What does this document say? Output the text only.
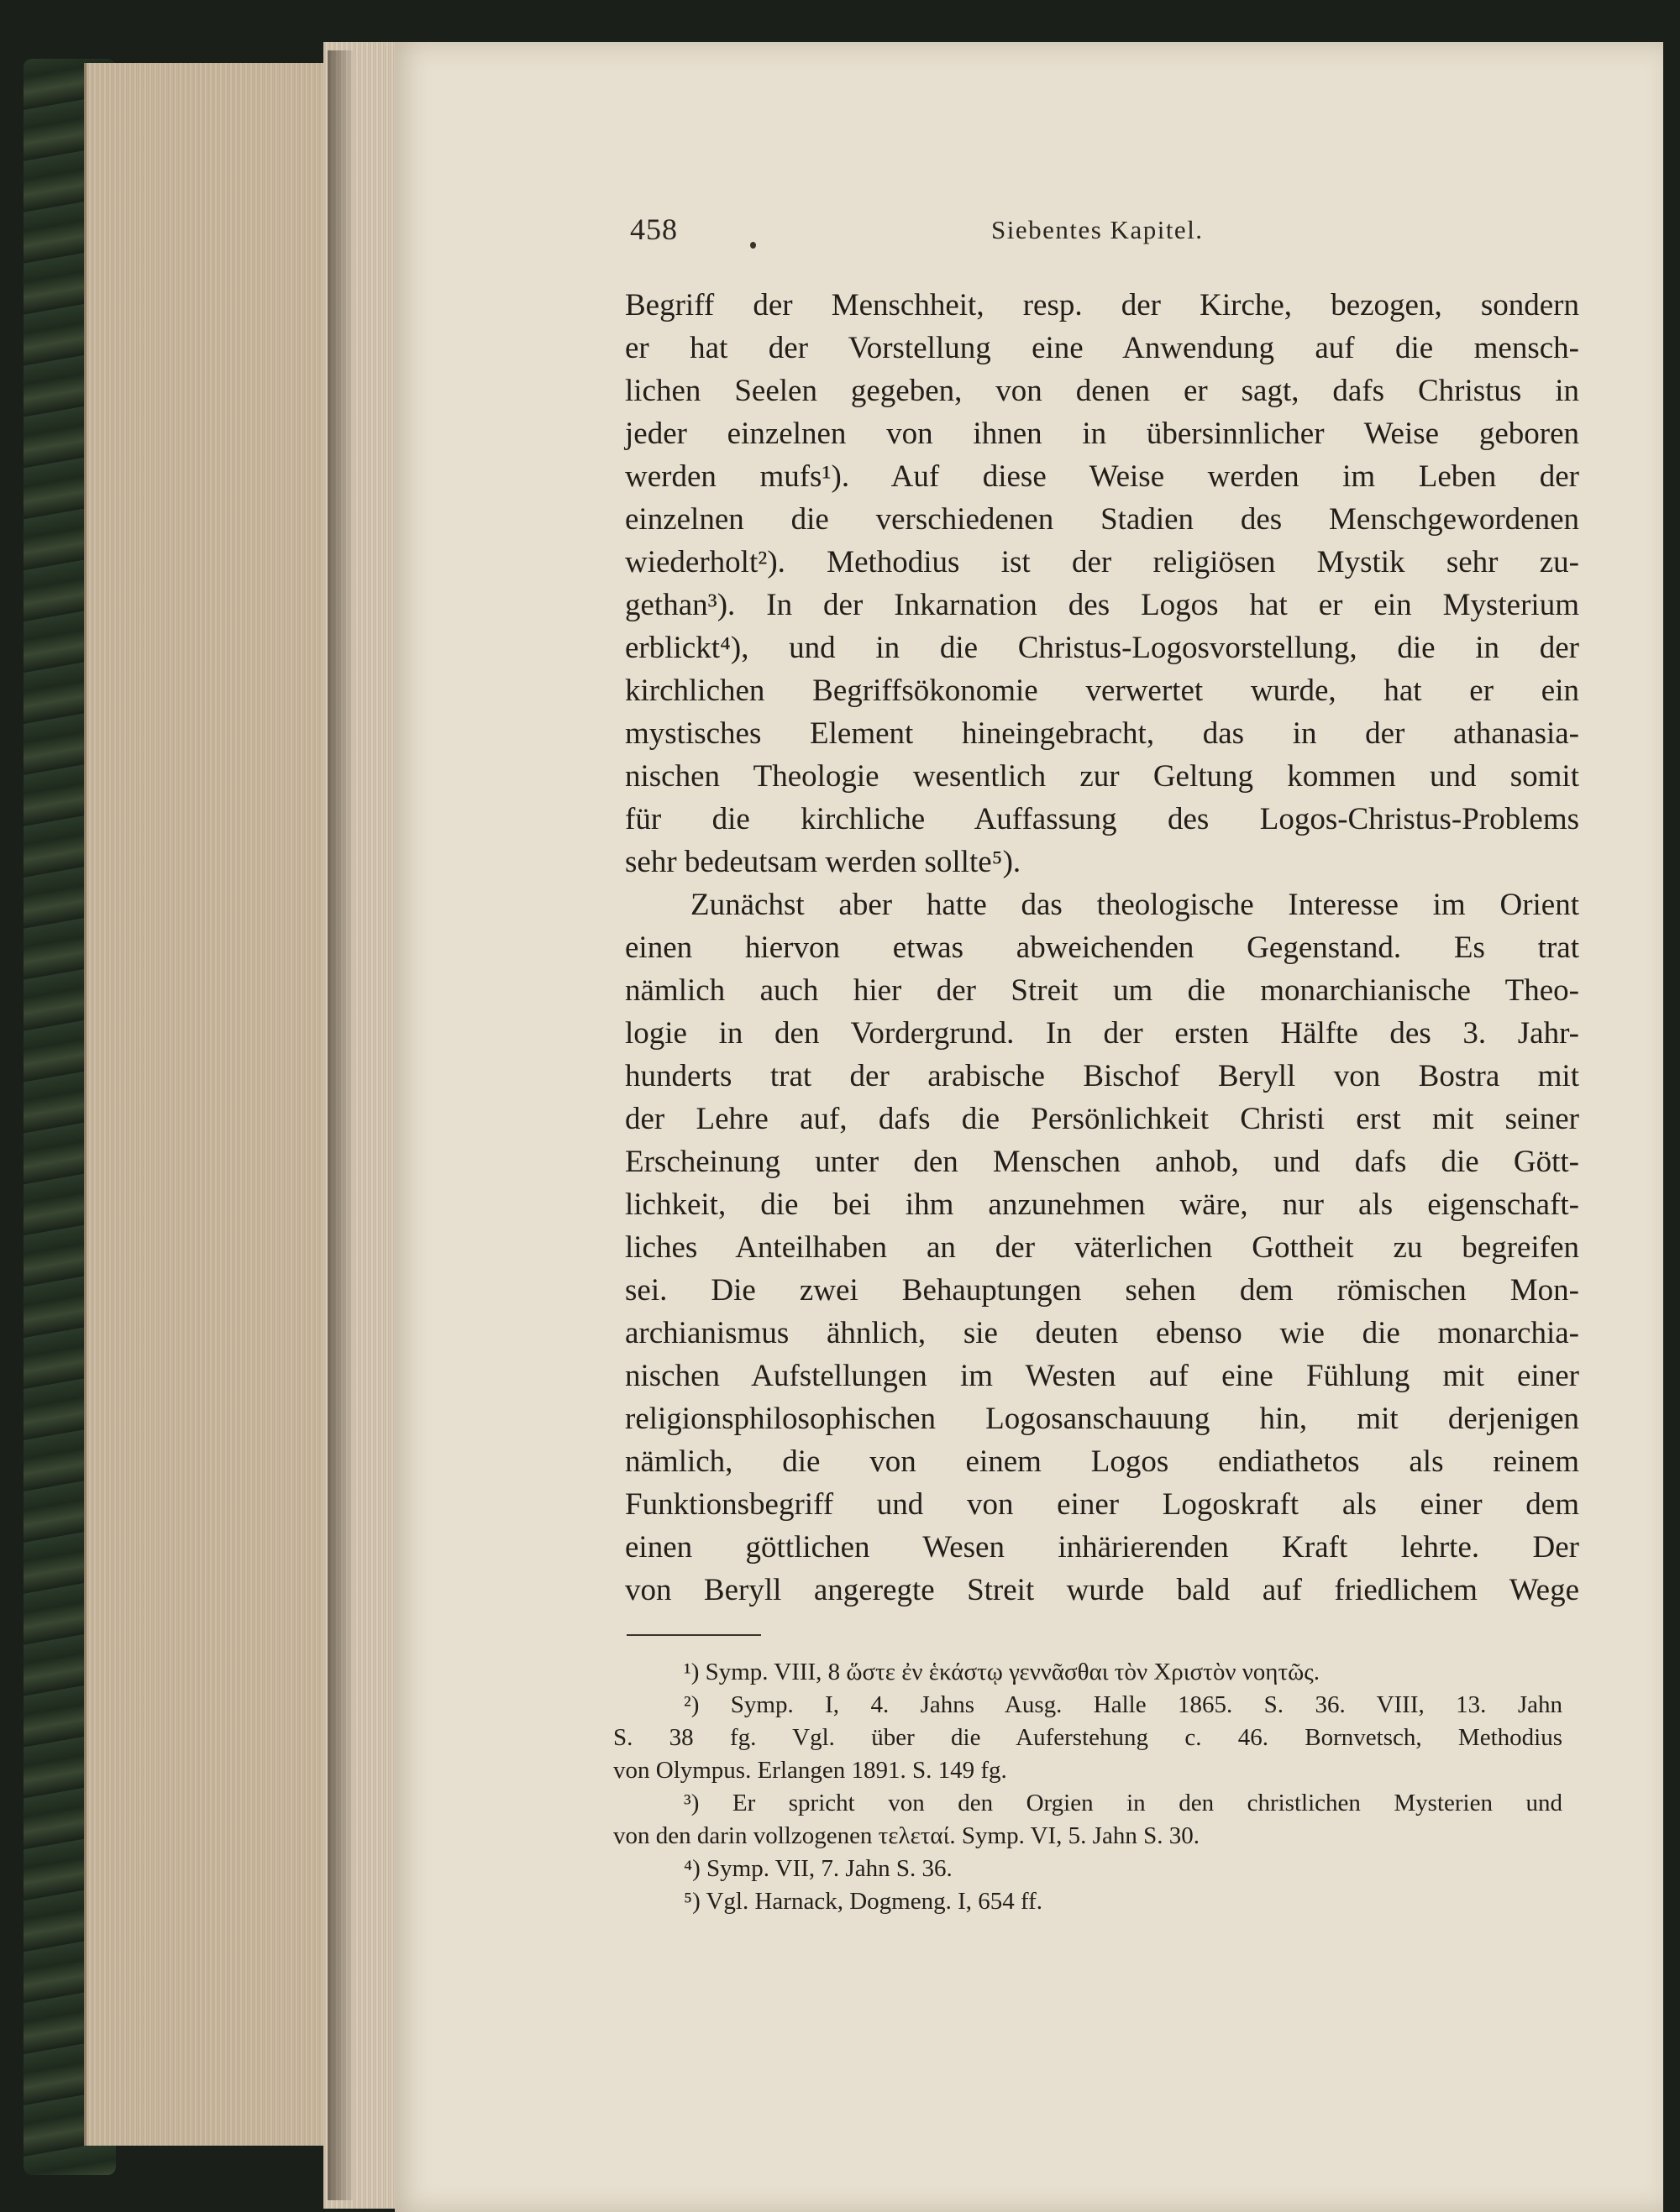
458	Siebentes Kapitel.
Begriff der Menschheit, resp. der Kirche, bezogen, sondern
er hat der Vorstellung eine Anwendung auf die mensch-
lichen Seelen gegeben, von denen er sagt, dafs Christus in
jeder einzelnen von ihnen in übersinnlicher Weise geboren
werden mufs¹). Auf diese Weise werden im Leben der
einzelnen die verschiedenen Stadien des Menschgewordenen
wiederholt²). Methodius ist der religiösen Mystik sehr zu-
gethan³). In der Inkarnation des Logos hat er ein Mysterium
erblickt⁴), und in die Christus-Logosvorstellung, die in der
kirchlichen Begriffsökonomie verwertet wurde, hat er ein
mystisches Element hineingebracht, das in der athanasia-
nischen Theologie wesentlich zur Geltung kommen und somit
für die kirchliche Auffassung des Logos-Christus-Problems
sehr bedeutsam werden sollte⁵).
Zunächst aber hatte das theologische Interesse im Orient
einen hiervon etwas abweichenden Gegenstand. Es trat
nämlich auch hier der Streit um die monarchianische Theo-
logie in den Vordergrund. In der ersten Hälfte des 3. Jahr-
hunderts trat der arabische Bischof Beryll von Bostra mit
der Lehre auf, dafs die Persönlichkeit Christi erst mit seiner
Erscheinung unter den Menschen anhob, und dafs die Gött-
lichkeit, die bei ihm anzunehmen wäre, nur als eigenschaft-
liches Anteilhaben an der väterlichen Gottheit zu begreifen
sei. Die zwei Behauptungen sehen dem römischen Mon-
archianismus ähnlich, sie deuten ebenso wie die monarchia-
nischen Aufstellungen im Westen auf eine Fühlung mit einer
religionsphilosophischen Logosanschauung hin, mit derjenigen
nämlich, die von einem Logos endiathetos als reinem
Funktionsbegriff und von einer Logoskraft als einer dem
einen göttlichen Wesen inhärierenden Kraft lehrte. Der
von Beryll angeregte Streit wurde bald auf friedlichem Wege
¹) Symp. VIII, 8 ὥστε ἐν ἑκάστῳ γεννᾶσθαι τὸν Χριστὸν νοητῶς.
²) Symp. I, 4. Jahns Ausg. Halle 1865. S. 36. VIII, 13. Jahn
S. 38 fg. Vgl. über die Auferstehung c. 46. Bornvetsch, Methodius
von Olympus. Erlangen 1891. S. 149 fg.
³) Er spricht von den Orgien in den christlichen Mysterien und
von den darin vollzogenen τελεταί. Symp. VI, 5. Jahn S. 30.
⁴) Symp. VII, 7. Jahn S. 36.
⁵) Vgl. Harnack, Dogmeng. I, 654 ff.
